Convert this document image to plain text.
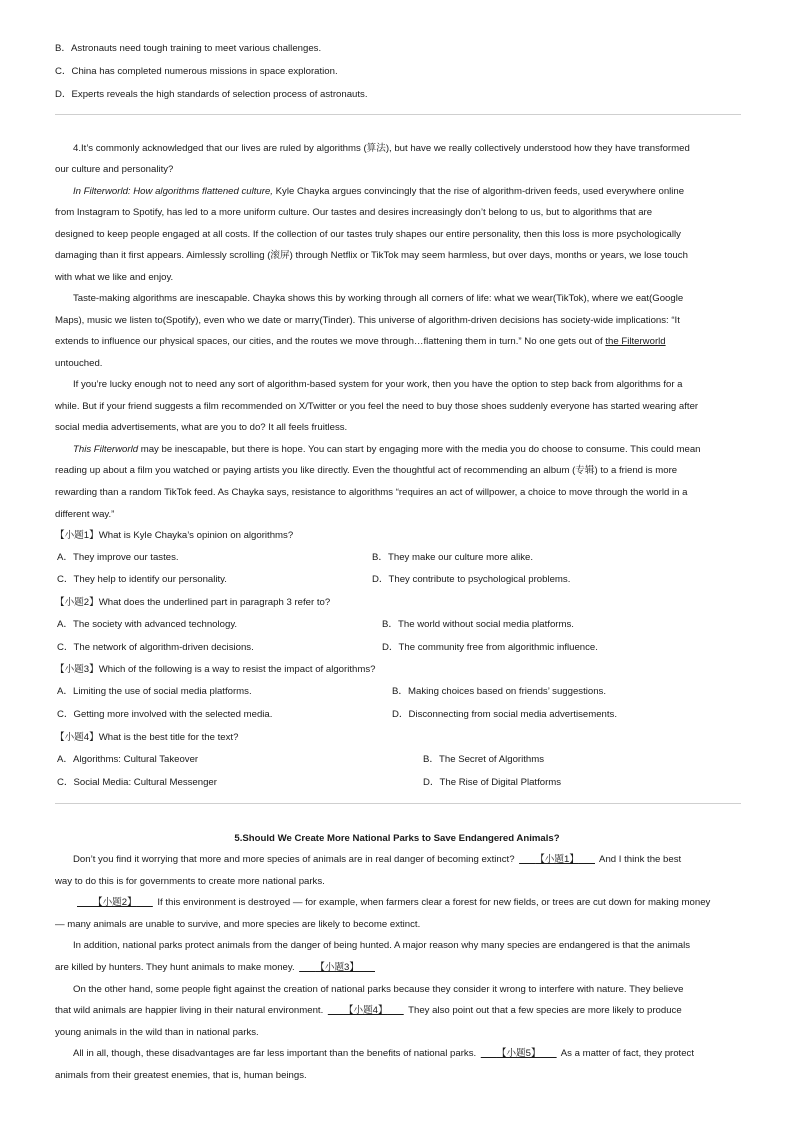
B．Astronauts need tough training to meet various challenges.
C．China has completed numerous missions in space exploration.
D．Experts reveals the high standards of selection process of astronauts.
4.It’s commonly acknowledged that our lives are ruled by algorithms (算法), but have we really collectively understood how they have transformed
our culture and personality?
In Filterworld: How algorithms flattened culture, Kyle Chayka argues convincingly that the rise of algorithm-driven feeds, used everywhere online
from Instagram to Spotify, has led to a more uniform culture. Our tastes and desires increasingly don’t belong to us, but to algorithms that are
designed to keep people engaged at all costs. If the collection of our tastes truly shapes our entire personality, then this loss is more psychologically
damaging than it first appears. Aimlessly scrolling (滚屏) through Netflix or TikTok may seem harmless, but over days, months or years, we lose touch
with what we like and enjoy.
Taste-making algorithms are inescapable. Chayka shows this by working through all corners of life: what we wear(TikTok), where we eat(Google
Maps), music we listen to(Spotify), even who we date or marry(Tinder). This universe of algorithm-driven decisions has society-wide implications: “It
extends to influence our physical spaces, our cities, and the routes we move through…flattening them in turn.” No one gets out of the Filterworld
untouched.
If you’re lucky enough not to need any sort of algorithm-based system for your work, then you have the option to step back from algorithms for a
while. But if your friend suggests a film recommended on X/Twitter or you feel the need to buy those shoes suddenly everyone has started wearing after
social media advertisements, what are you to do? It all feels fruitless.
This Filterworld may be inescapable, but there is hope. You can start by engaging more with the media you do choose to consume. This could mean
reading up about a film you watched or paying artists you like directly. Even the thoughtful act of recommending an album (专辑) to a friend is more
rewarding than a random TikTok feed. As Chayka says, resistance to algorithms “requires an act of willpower, a choice to move through the world in a
different way.”
【小题1】What is Kyle Chayka’s opinion on algorithms?
A．They improve our tastes.	B．They make our culture more alike.
C．They help to identify our personality.	D．They contribute to psychological problems.
【小题2】What does the underlined part in paragraph 3 refer to?
A．The society with advanced technology.	B．The world without social media platforms.
C．The network of algorithm-driven decisions.	D．The community free from algorithmic influence.
【小题3】Which of the following is a way to resist the impact of algorithms?
A．Limiting the use of social media platforms.	B．Making choices based on friends’ suggestions.
C．Getting more involved with the selected media.	D．Disconnecting from social media advertisements.
【小题4】What is the best title for the text?
A．Algorithms: Cultural Takeover	B．The Secret of Algorithms
C．Social Media: Cultural Messenger	D．The Rise of Digital Platforms
5.Should We Create More National Parks to Save Endangered Animals?
Don’t you find it worrying that more and more species of animals are in real danger of becoming extinct? 【小题1】 And I think the best
way to do this is for governments to create more national parks.
【小题2】 If this environment is destroyed — for example, when farmers clear a forest for new fields, or trees are cut down for making money
— many animals are unable to survive, and more species are likely to become extinct.
In addition, national parks protect animals from the danger of being hunted. A major reason why many species are endangered is that the animals
are killed by hunters. They hunt animals to make money. 【小题3】
On the other hand, some people fight against the creation of national parks because they consider it wrong to interfere with nature. They believe
that wild animals are happier living in their natural environment. 【小题4】 They also point out that a few species are more likely to produce
young animals in the wild than in national parks.
All in all, though, these disadvantages are far less important than the benefits of national parks. 【小题5】 As a matter of fact, they protect
animals from their greatest enemies, that is, human beings.
